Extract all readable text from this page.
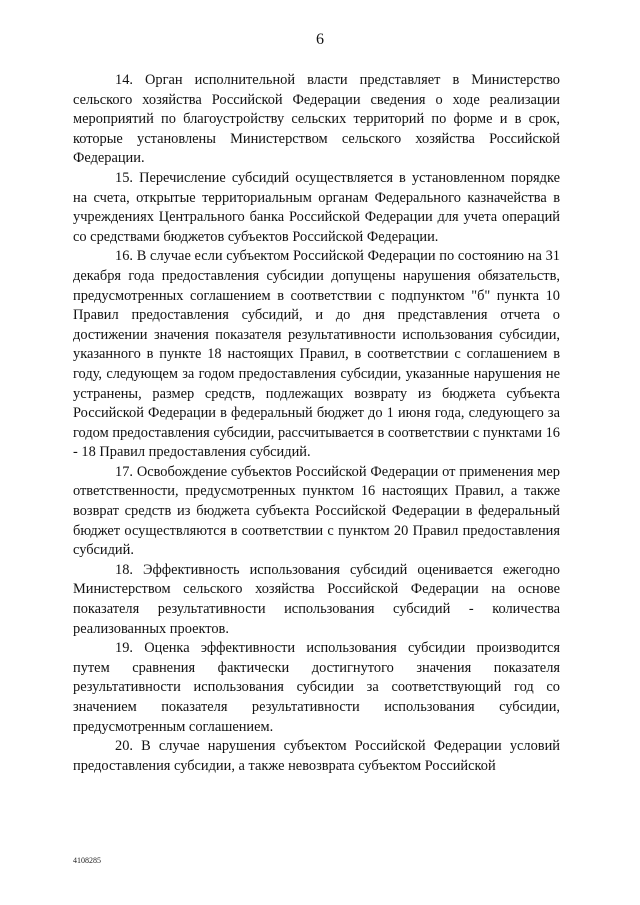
6

14. Орган исполнительной власти представляет в Министерство сельского хозяйства Российской Федерации сведения о ходе реализации мероприятий по благоустройству сельских территорий по форме и в срок, которые установлены Министерством сельского хозяйства Российской Федерации.

15. Перечисление субсидий осуществляется в установленном порядке на счета, открытые территориальным органам Федерального казначейства в учреждениях Центрального банка Российской Федерации для учета операций со средствами бюджетов субъектов Российской Федерации.

16. В случае если субъектом Российской Федерации по состоянию на 31 декабря года предоставления субсидии допущены нарушения обязательств, предусмотренных соглашением в соответствии с подпунктом "б" пункта 10 Правил предоставления субсидий, и до дня представления отчета о достижении значения показателя результативности использования субсидии, указанного в пункте 18 настоящих Правил, в соответствии с соглашением в году, следующем за годом предоставления субсидии, указанные нарушения не устранены, размер средств, подлежащих возврату из бюджета субъекта Российской Федерации в федеральный бюджет до 1 июня года, следующего за годом предоставления субсидии, рассчитывается в соответствии с пунктами 16 - 18 Правил предоставления субсидий.

17. Освобождение субъектов Российской Федерации от применения мер ответственности, предусмотренных пунктом 16 настоящих Правил, а также возврат средств из бюджета субъекта Российской Федерации в федеральный бюджет осуществляются в соответствии с пунктом 20 Правил предоставления субсидий.

18. Эффективность использования субсидий оценивается ежегодно Министерством сельского хозяйства Российской Федерации на основе показателя результативности использования субсидий - количества реализованных проектов.

19. Оценка эффективности использования субсидии производится путем сравнения фактически достигнутого значения показателя результативности использования субсидии за соответствующий год со значением показателя результативности использования субсидии, предусмотренным соглашением.

20. В случае нарушения субъектом Российской Федерации условий предоставления субсидии, а также невозврата субъектом Российской

4108285
